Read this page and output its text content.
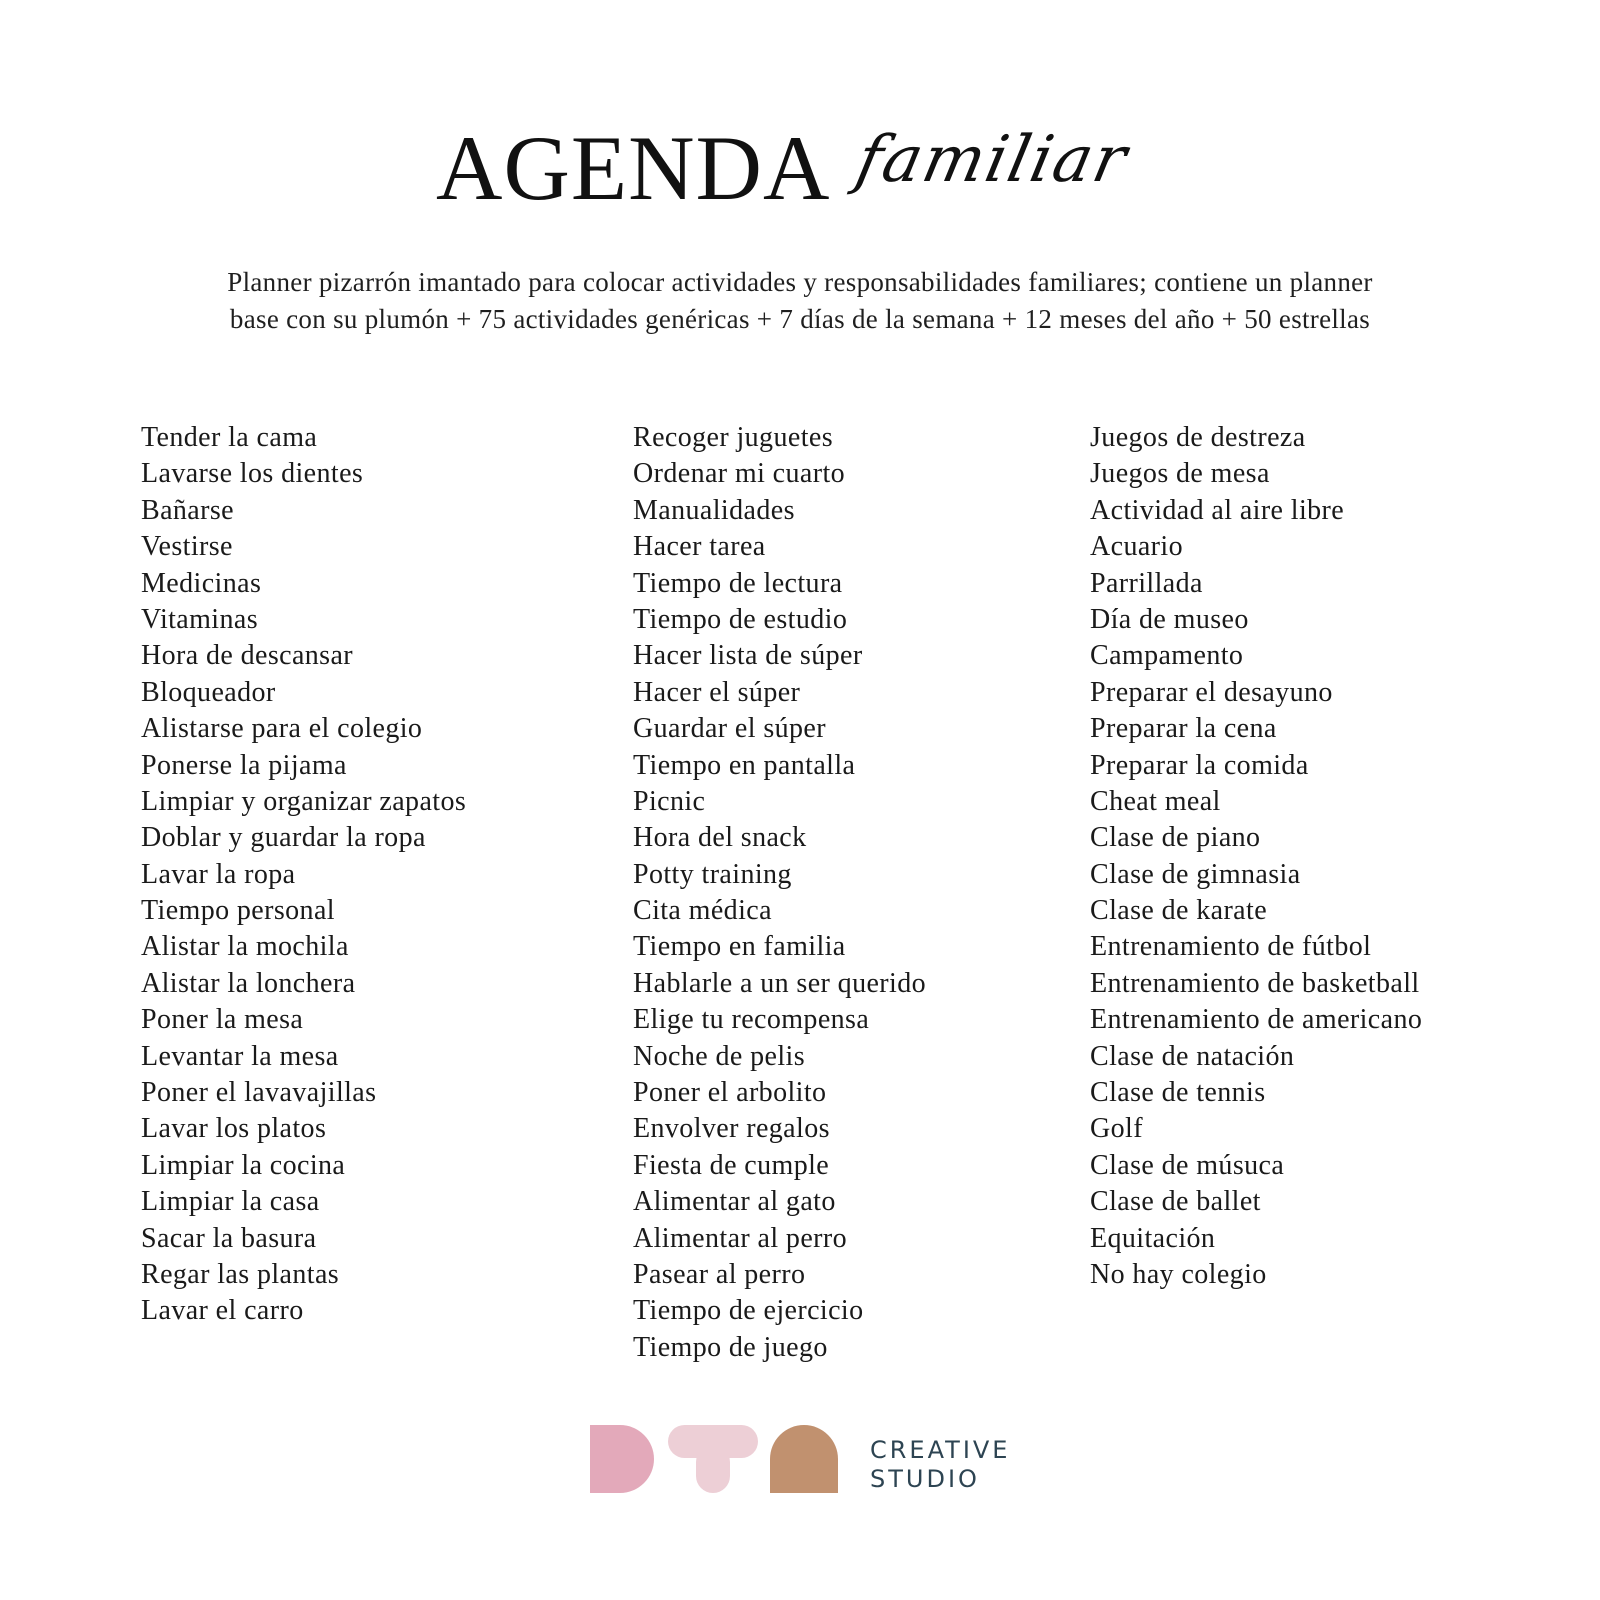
AGENDA familiar
Planner pizarrón imantado para colocar actividades y responsabilidades familiares; contiene un planner
base con su plumón + 75 actividades genéricas + 7 días de la semana + 12 meses del año + 50 estrellas
Tender la cama
Lavarse los dientes
Bañarse
Vestirse
Medicinas
Vitaminas
Hora de descansar
Bloqueador
Alistarse para el colegio
Ponerse la pijama
Limpiar y organizar zapatos
Doblar y guardar la ropa
Lavar la ropa
Tiempo personal
Alistar la mochila
Alistar la lonchera
Poner la mesa
Levantar la mesa
Poner el lavavajillas
Lavar los platos
Limpiar la cocina
Limpiar la casa
Sacar la basura
Regar las plantas
Lavar el carro
Recoger juguetes
Ordenar mi cuarto
Manualidades
Hacer tarea
Tiempo de lectura
Tiempo de estudio
Hacer lista de súper
Hacer el súper
Guardar el súper
Tiempo en pantalla
Picnic
Hora del snack
Potty training
Cita médica
Tiempo en familia
Hablarle a un ser querido
Elige tu recompensa
Noche de pelis
Poner el arbolito
Envolver regalos
Fiesta de cumple
Alimentar al gato
Alimentar al perro
Pasear al perro
Tiempo de ejercicio
Tiempo de juego
Juegos de destreza
Juegos de mesa
Actividad al aire libre
Acuario
Parrillada
Día de museo
Campamento
Preparar el desayuno
Preparar la cena
Preparar la comida
Cheat meal
Clase de piano
Clase de gimnasia
Clase de karate
Entrenamiento de fútbol
Entrenamiento de basketball
Entrenamiento de americano
Clase de natación
Clase de tennis
Golf
Clase de músuca
Clase de ballet
Equitación
No hay colegio
CREATIVE
STUDIO
